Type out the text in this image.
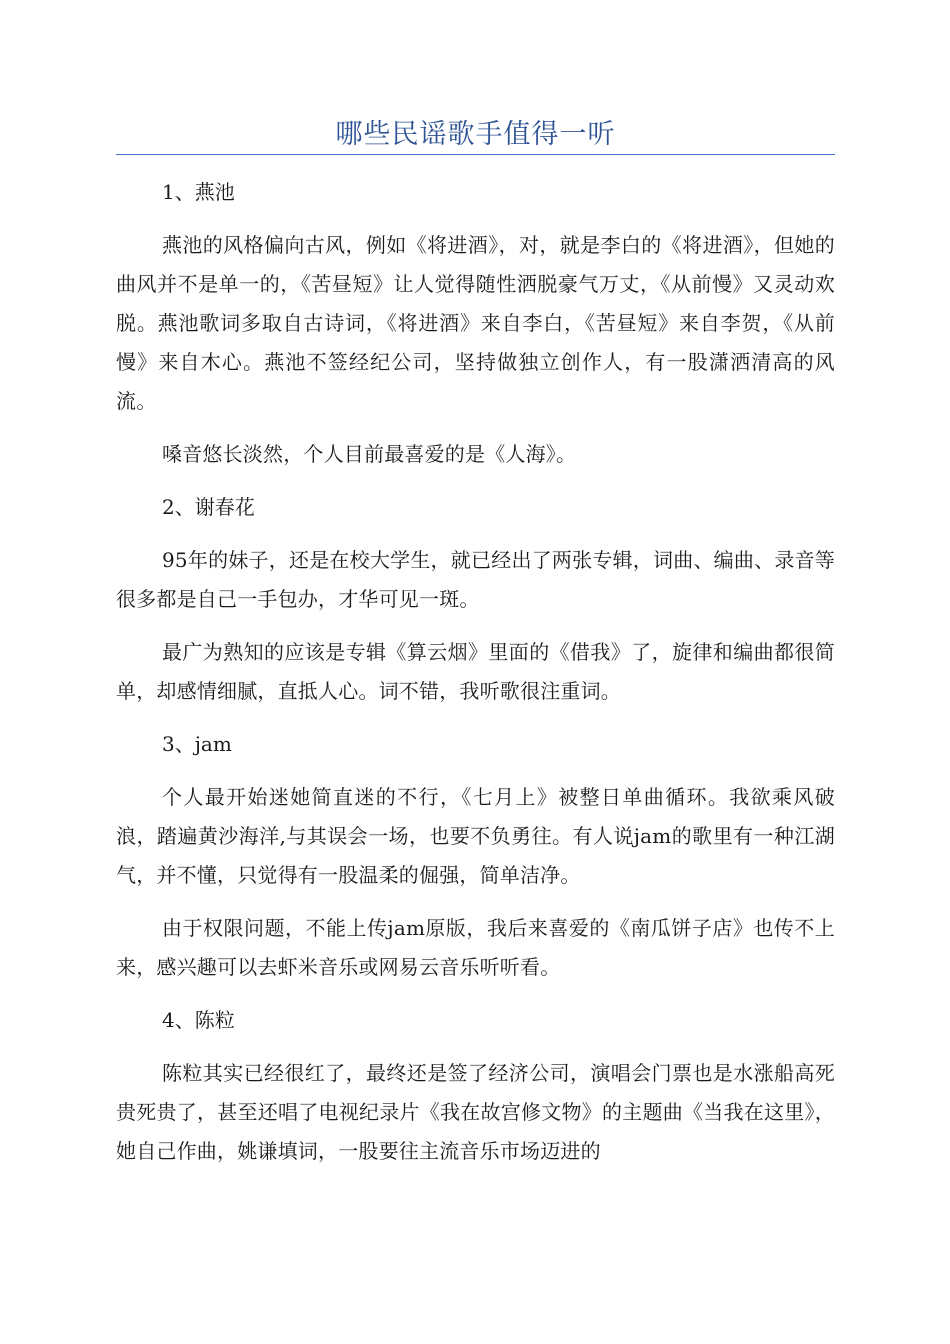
哪些民谣歌手值得一听

1、燕池

燕池的风格偏向古风，例如《将进酒》，对，就是李白的《将进酒》，但她的曲风并不是单一的，《苦昼短》让人觉得随性洒脱豪气万丈，《从前慢》又灵动欢脱。燕池歌词多取自古诗词，《将进酒》来自李白，《苦昼短》来自李贺，《从前慢》来自木心。燕池不签经纪公司，坚持做独立创作人，有一股潇洒清高的风流。

嗓音悠长淡然，个人目前最喜爱的是《人海》。

2、谢春花

95年的妹子，还是在校大学生，就已经出了两张专辑，词曲、编曲、录音等很多都是自己一手包办，才华可见一斑。

最广为熟知的应该是专辑《算云烟》里面的《借我》了，旋律和编曲都很简单，却感情细腻，直抵人心。词不错，我听歌很注重词。

3、jam

个人最开始迷她简直迷的不行，《七月上》被整日单曲循环。我欲乘风破浪，踏遍黄沙海洋,与其误会一场，也要不负勇往。有人说jam的歌里有一种江湖气，并不懂，只觉得有一股温柔的倔强，简单洁净。

由于权限问题，不能上传jam原版，我后来喜爱的《南瓜饼子店》也传不上来，感兴趣可以去虾米音乐或网易云音乐听听看。

4、陈粒

陈粒其实已经很红了，最终还是签了经济公司，演唱会门票也是水涨船高死贵死贵了，甚至还唱了电视纪录片《我在故宫修文物》的主题曲《当我在这里》，她自己作曲，姚谦填词，一股要往主流音乐市场迈进的
